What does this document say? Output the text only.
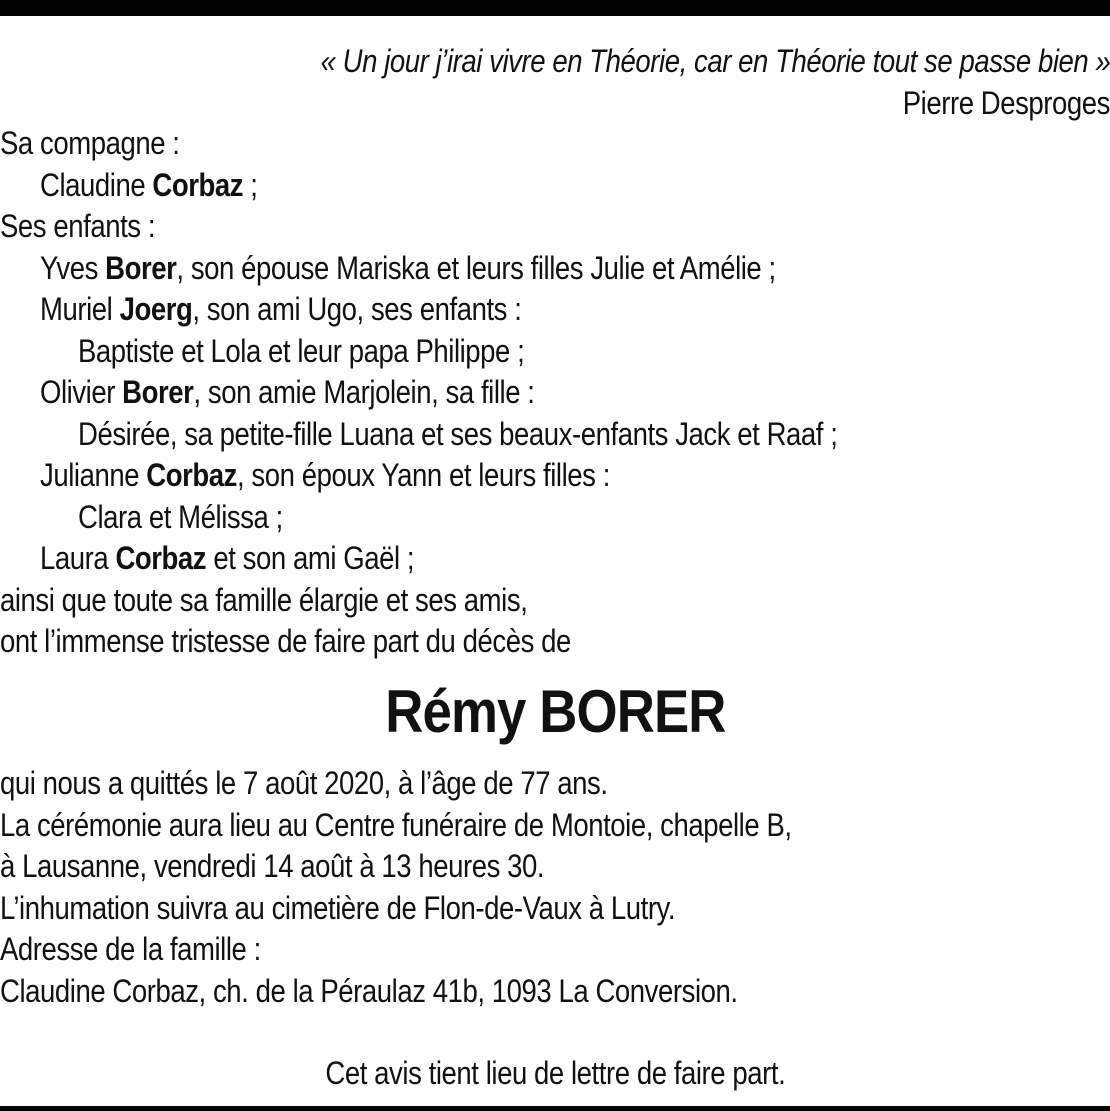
« Un jour j’irai vivre en Théorie, car en Théorie tout se passe bien »
Pierre Desproges
Sa compagne :
Claudine Corbaz ;
Ses enfants :
Yves Borer, son épouse Mariska et leurs filles Julie et Amélie ;
Muriel Joerg, son ami Ugo, ses enfants :
Baptiste et Lola et leur papa Philippe ;
Olivier Borer, son amie Marjolein, sa fille :
Désirée, sa petite-fille Luana et ses beaux-enfants Jack et Raaf ;
Julianne Corbaz, son époux Yann et leurs filles :
Clara et Mélissa ;
Laura Corbaz et son ami Gaël ;
ainsi que toute sa famille élargie et ses amis,
ont l’immense tristesse de faire part du décès de
Rémy BORER
qui nous a quittés le 7 août 2020, à l’âge de 77 ans.
La cérémonie aura lieu au Centre funéraire de Montoie, chapelle B,
à Lausanne, vendredi 14 août à 13 heures 30.
L’inhumation suivra au cimetière de Flon-de-Vaux à Lutry.
Adresse de la famille :
Claudine Corbaz, ch. de la Péraulaz 41b, 1093 La Conversion.
Cet avis tient lieu de lettre de faire part.
